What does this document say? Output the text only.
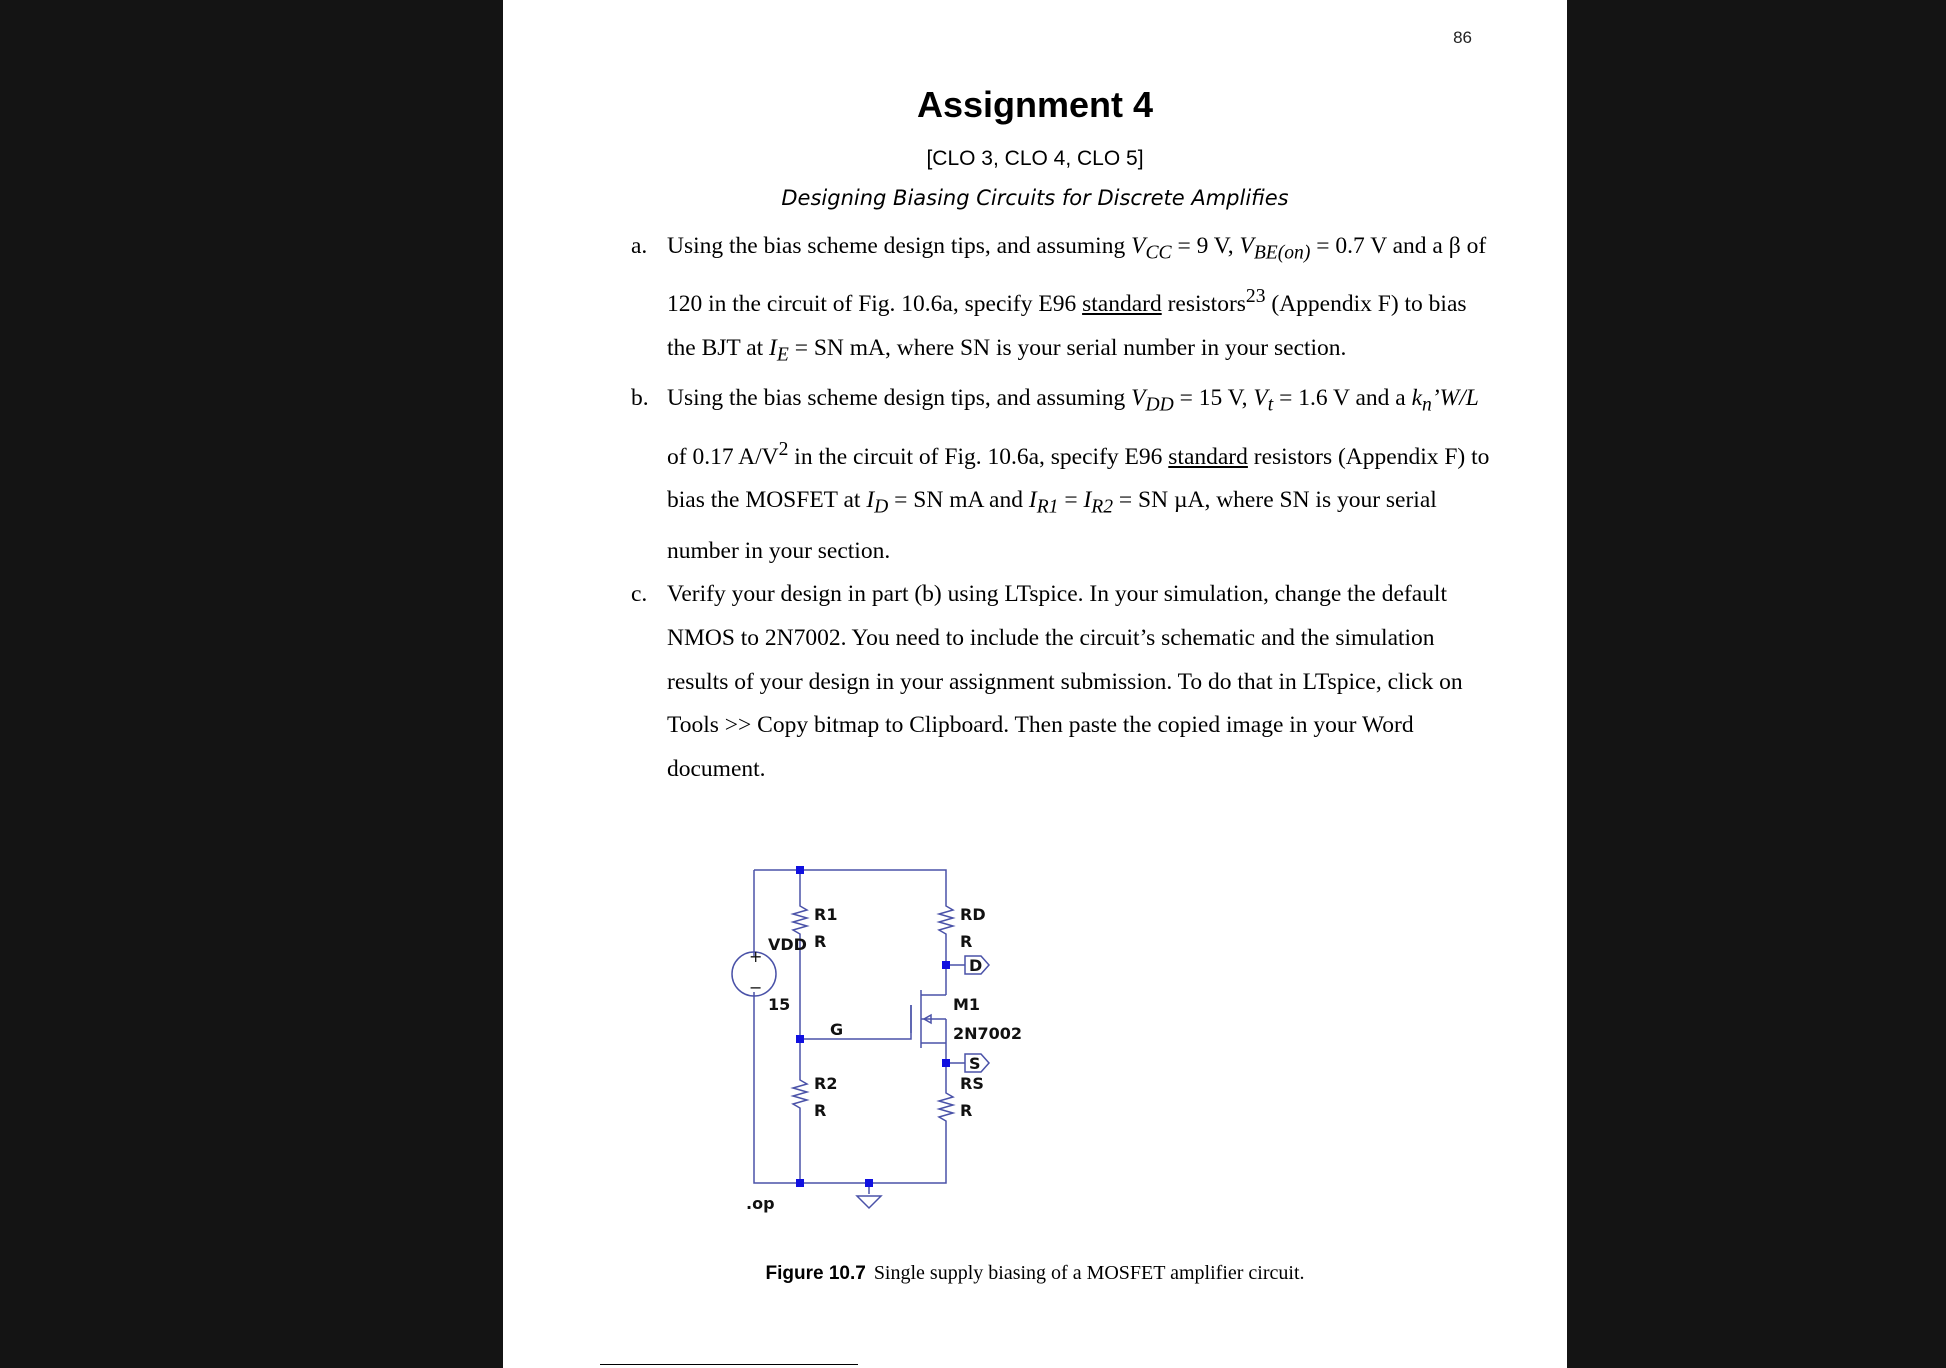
86
Assignment 4
[CLO 3, CLO 4, CLO 5]
Designing Biasing Circuits for Discrete Amplifies
a. Using the bias scheme design tips, and assuming $V_{CC} = 9$ V, $V_{BE(on)} = 0.7$ V and a β of 120 in the circuit of Fig. 10.6a, specify E96 standard resistors$^{23}$ (Appendix F) to bias the BJT at $I_E$ = SN mA, where SN is your serial number in your section.
b. Using the bias scheme design tips, and assuming $V_{DD} = 15$ V, $V_t = 1.6$ V and a $k_n’W/L$ of 0.17 $A/V^2$ in the circuit of Fig. 10.6a, specify E96 standard resistors (Appendix F) to bias the MOSFET at $I_D$ = SN mA and $I_{R1} = I_{R2}$ = SN µA, where SN is your serial number in your section.
c. Verify your design in part (b) using LTspice. In your simulation, change the default NMOS to 2N7002. You need to include the circuit’s schematic and the simulation results of your design in your assignment submission. To do that in LTspice, click on Tools >> Copy bitmap to Clipboard. Then paste the copied image in your Word document.
+
−
VDD
15
R1
R
R2
R
RD
R
RS
R
G
M1
2N7002
D
S
.op
Figure 10.7 Single supply biasing of a MOSFET amplifier circuit.
